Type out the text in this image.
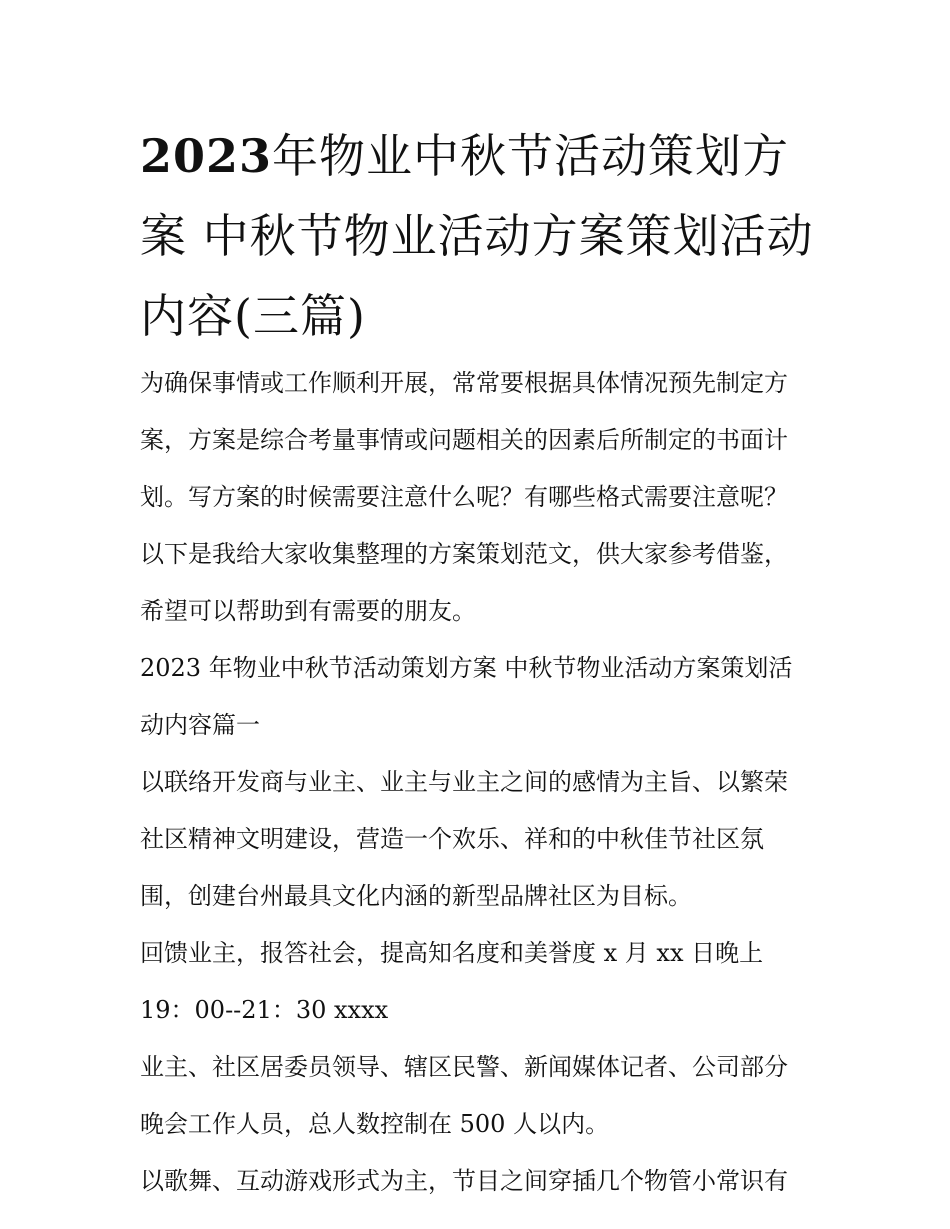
2023年物业中秋节活动策划方案 中秋节物业活动方案策划活动内容(三篇)
为确保事情或工作顺利开展，常常要根据具体情况预先制定方
案，方案是综合考量事情或问题相关的因素后所制定的书面计
划。写方案的时候需要注意什么呢？有哪些格式需要注意呢？
以下是我给大家收集整理的方案策划范文，供大家参考借鉴，
希望可以帮助到有需要的朋友。
2023 年物业中秋节活动策划方案 中秋节物业活动方案策划活
动内容篇一
以联络开发商与业主、业主与业主之间的感情为主旨、以繁荣
社区精神文明建设，营造一个欢乐、祥和的中秋佳节社区氛
围，创建台州最具文化内涵的新型品牌社区为目标。
回馈业主，报答社会，提高知名度和美誉度 x 月 xx 日晚上
19：00--21：30 xxxx
业主、社区居委员领导、辖区民警、新闻媒体记者、公司部分
晚会工作人员，总人数控制在 500 人以内。
以歌舞、互动游戏形式为主，节目之间穿插几个物管小常识有
